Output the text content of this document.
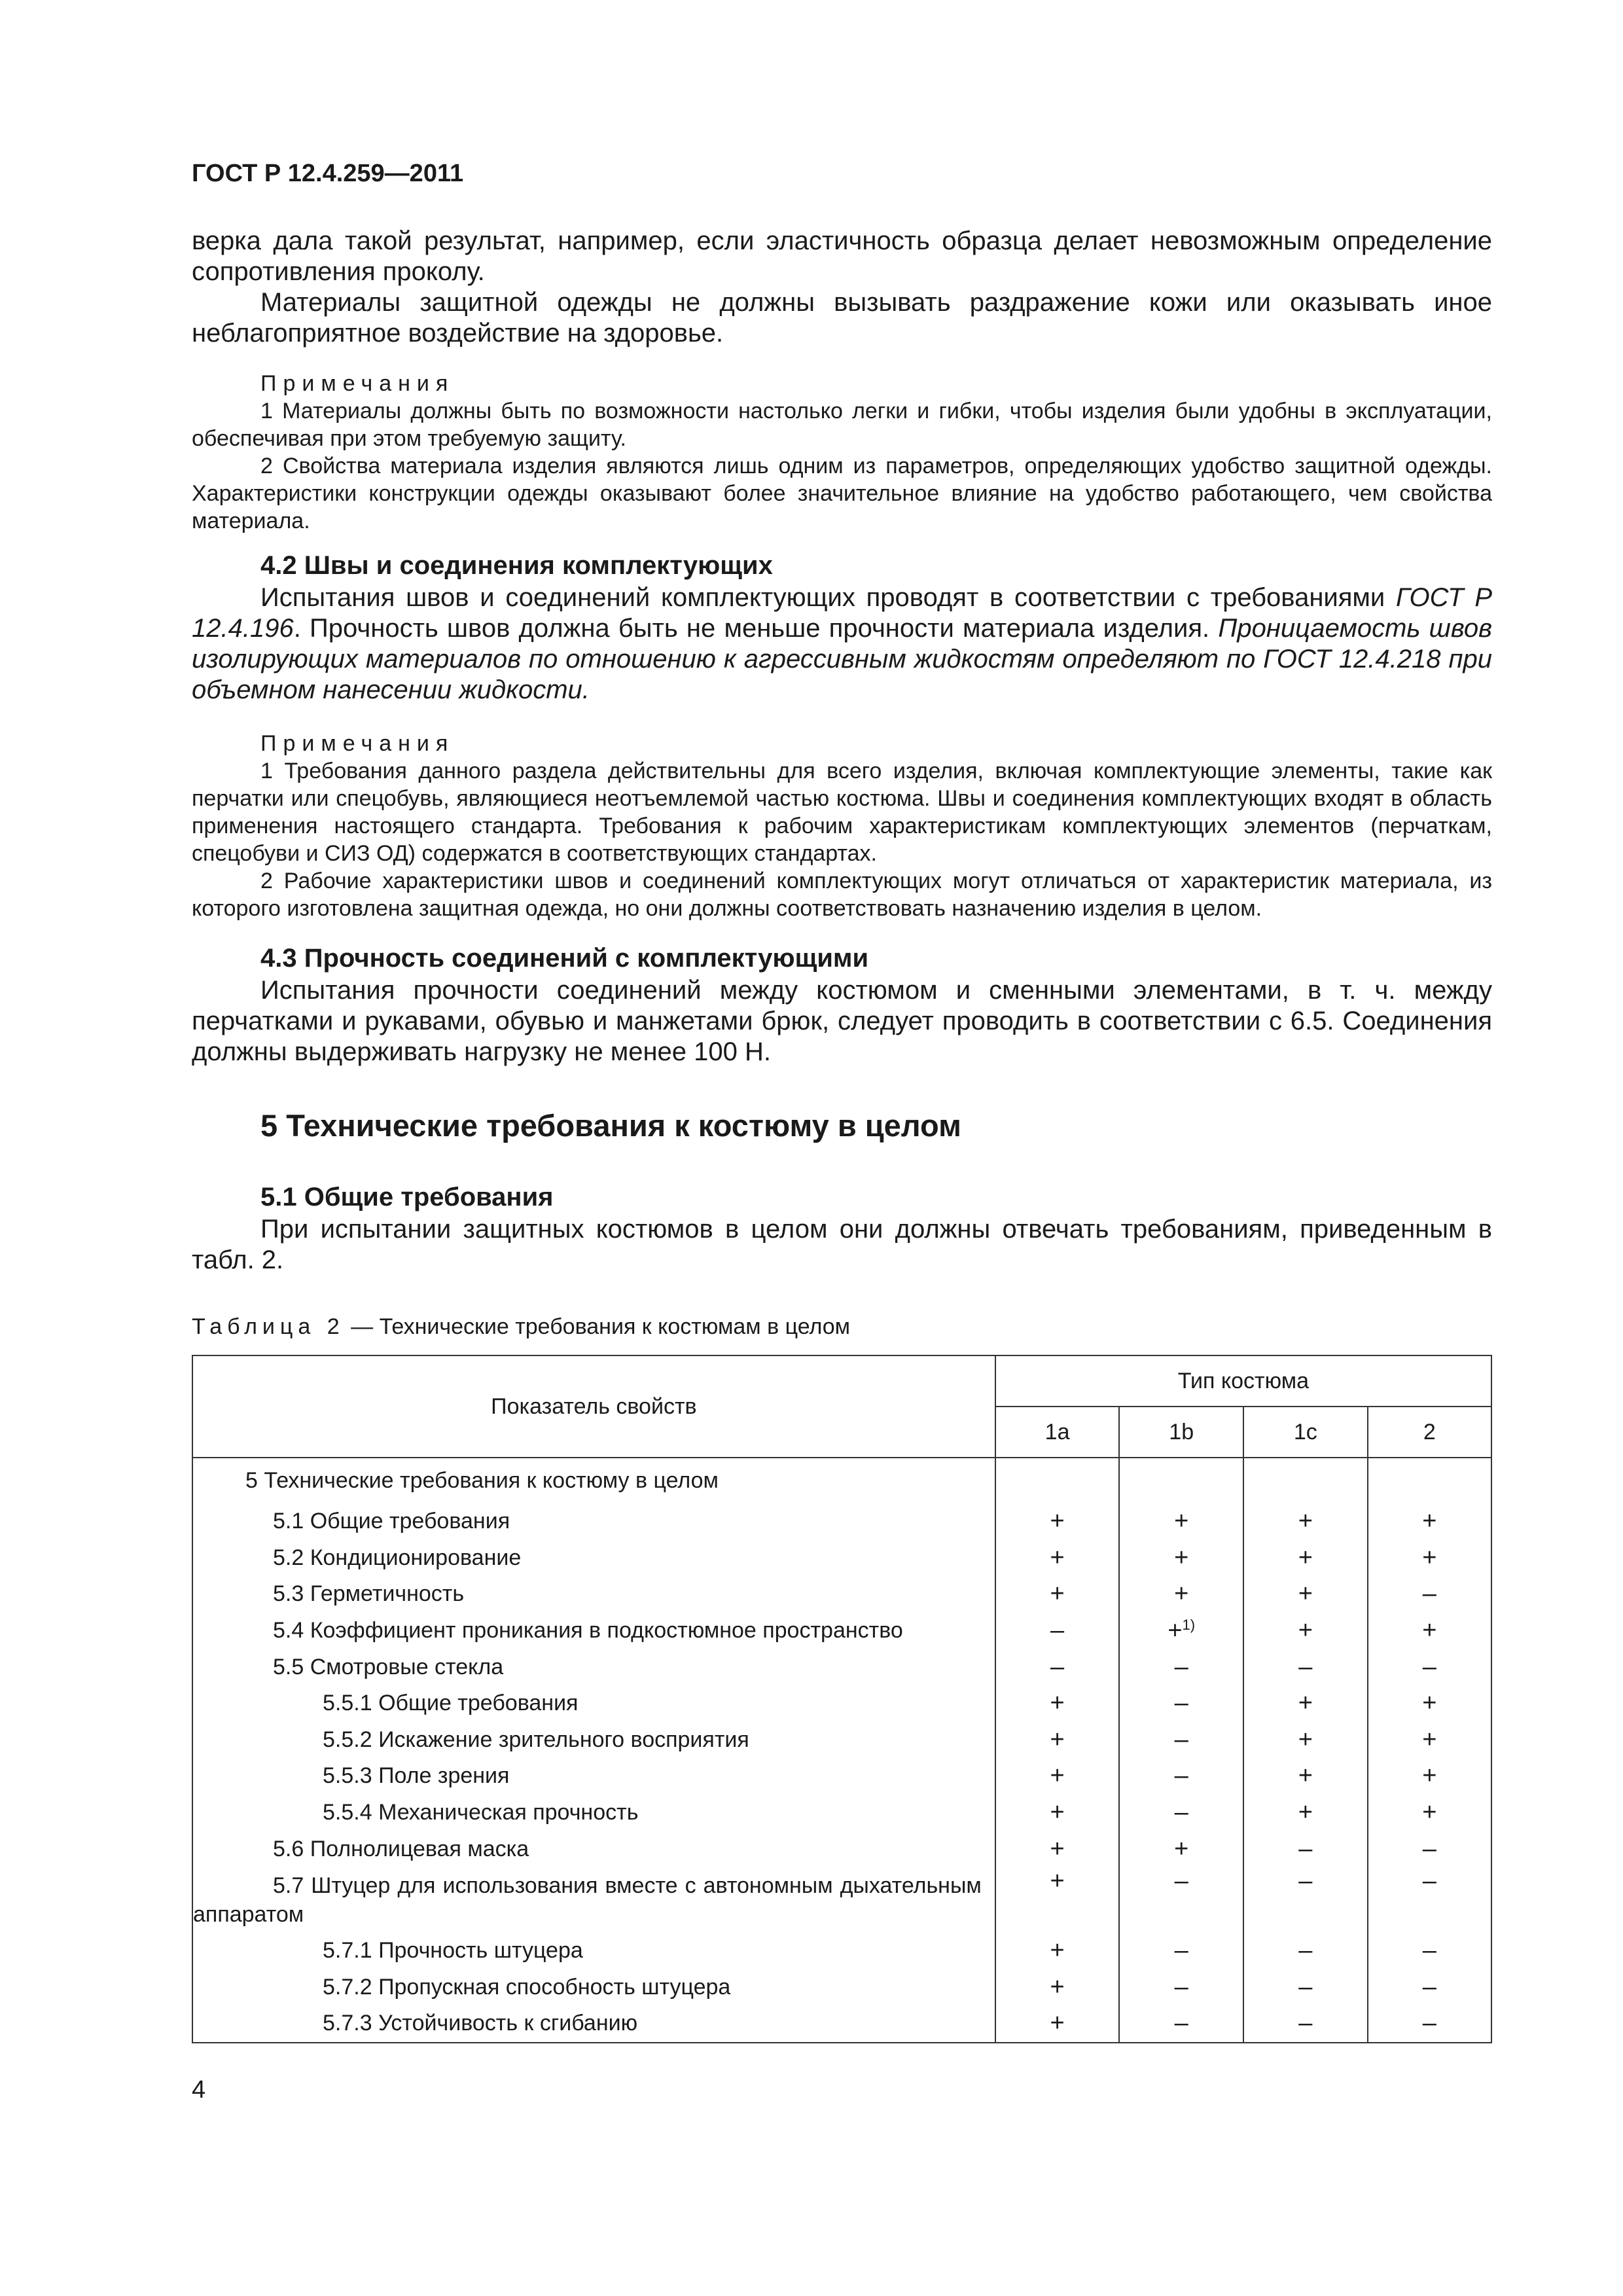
ГОСТ Р 12.4.259—2011

верка дала такой результат, например, если эластичность образца делает невозможным определение сопротивления проколу.

Материалы защитной одежды не должны вызывать раздражение кожи или оказывать иное неблагоприятное воздействие на здоровье.

Примечания

1 Материалы должны быть по возможности настолько легки и гибки, чтобы изделия были удобны в эксплуатации, обеспечивая при этом требуемую защиту.

2 Свойства материала изделия являются лишь одним из параметров, определяющих удобство защитной одежды. Характеристики конструкции одежды оказывают более значительное влияние на удобство работающего, чем свойства материала.

4.2 Швы и соединения комплектующих

Испытания швов и соединений комплектующих проводят в соответствии с требованиями ГОСТ Р 12.4.196. Прочность швов должна быть не меньше прочности материала изделия. Проницаемость швов изолирующих материалов по отношению к агрессивным жидкостям определяют по ГОСТ 12.4.218 при объемном нанесении жидкости.

Примечания

1 Требования данного раздела действительны для всего изделия, включая комплектующие элементы, такие как перчатки или спецобувь, являющиеся неотъемлемой частью костюма. Швы и соединения комплектующих входят в область применения настоящего стандарта. Требования к рабочим характеристикам комплектующих элементов (перчаткам, спецобуви и СИЗ ОД) содержатся в соответствующих стандартах.

2 Рабочие характеристики швов и соединений комплектующих могут отличаться от характеристик материала, из которого изготовлена защитная одежда, но они должны соответствовать назначению изделия в целом.

4.3 Прочность соединений с комплектующими

Испытания прочности соединений между костюмом и сменными элементами, в т. ч. между перчатками и рукавами, обувью и манжетами брюк, следует проводить в соответствии с 6.5. Соединения должны выдерживать нагрузку не менее 100 Н.

5 Технические требования к костюму в целом
5.1 Общие требования

При испытании защитных костюмов в целом они должны отвечать требованиям, приведенным в табл. 2.

Таблица 2 — Технические требования к костюмам в целом
Показатель свойств	Тип костюма			
	1а	1b	1c	2
5 Технические требования к костюму в целом				
5.1 Общие требования	+	+	+	+
5.2 Кондиционирование	+	+	+	+
5.3 Герметичность	+	+	+	–
5.4 Коэффициент проникания в подкостюмное пространство	–	+$^{1)}$	+	+
5.5 Смотровые стекла	–	–	–	–
5.5.1 Общие требования	+	–	+	+
5.5.2 Искажение зрительного восприятия	+	–	+	+
5.5.3 Поле зрения	+	–	+	+
5.5.4 Механическая прочность	+	–	+	+
5.6 Полнолицевая маска	+	+	–	–
5.7 Штуцер для использования вместе с автономным дыхательным аппаратом	+	–	–	–
5.7.1 Прочность штуцера	+	–	–	–
5.7.2 Пропускная способность штуцера	+	–	–	–
5.7.3 Устойчивость к сгибанию	+	–	–	–
4
